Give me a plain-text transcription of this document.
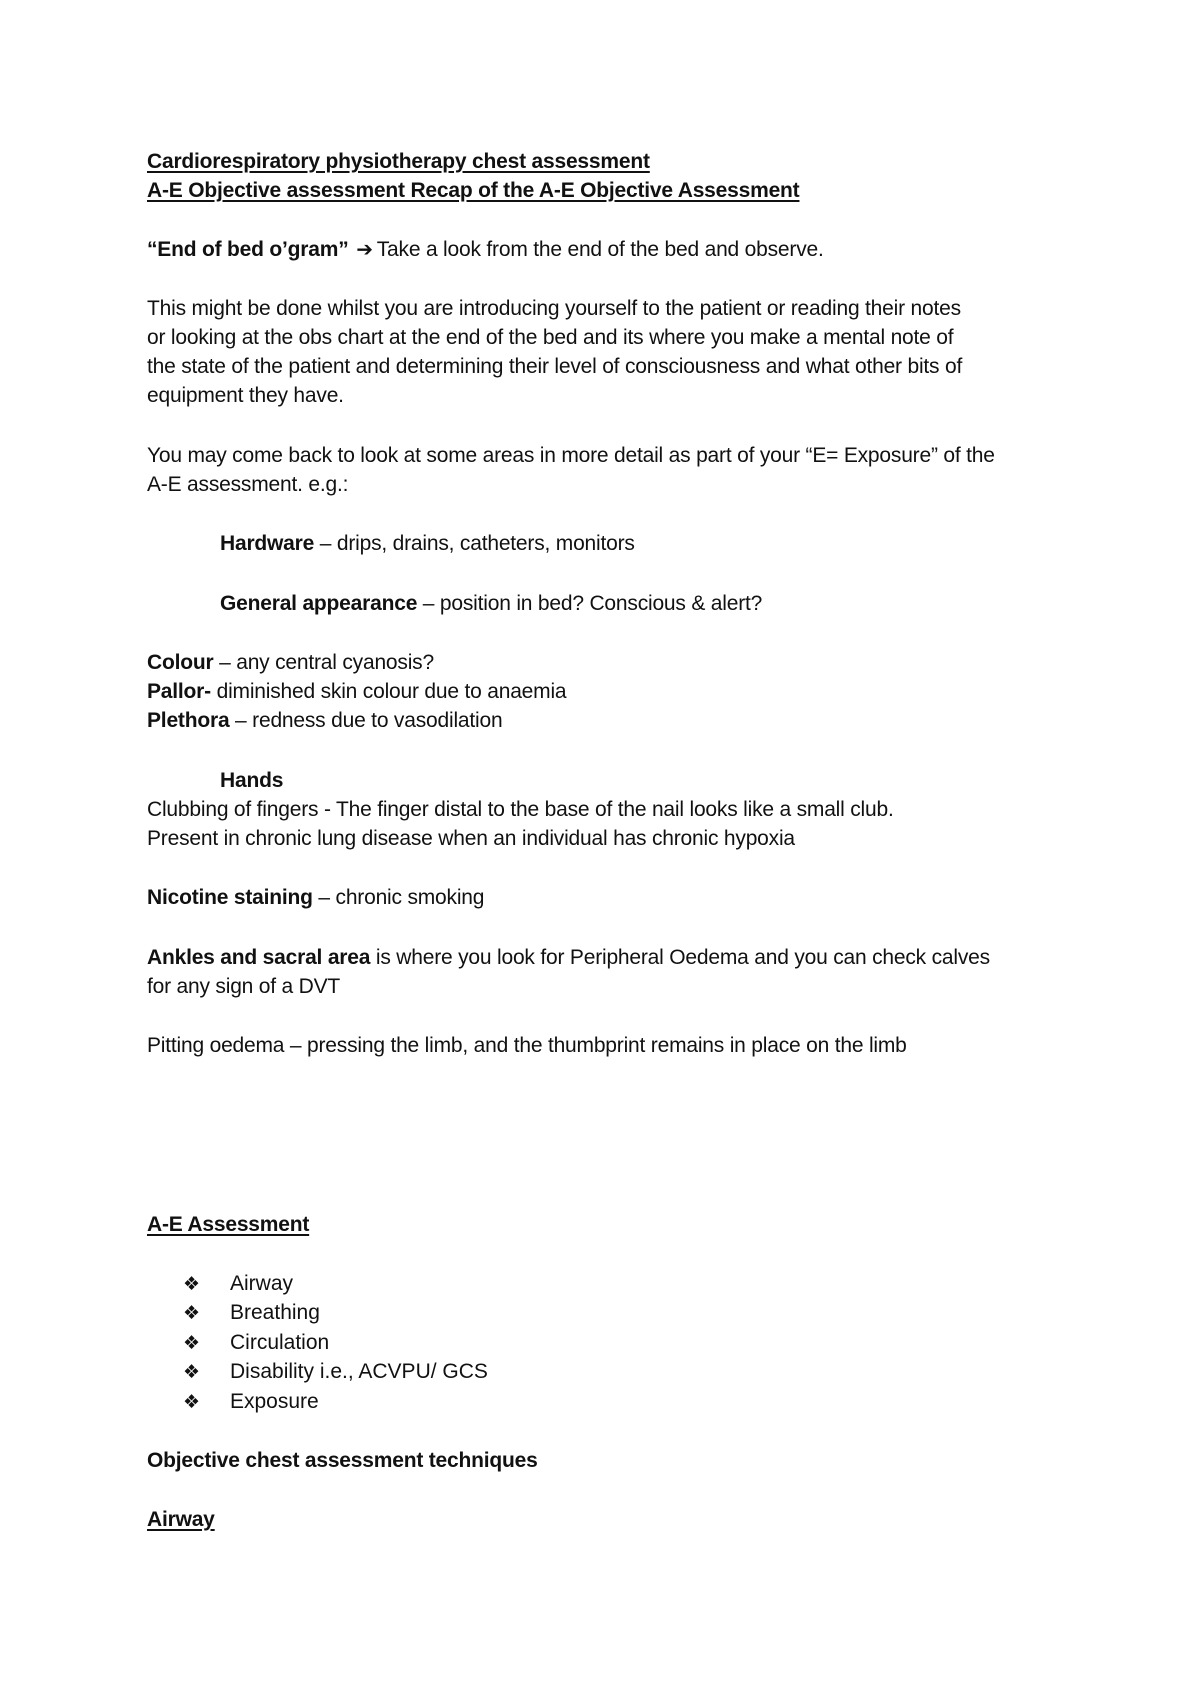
Cardiorespiratory physiotherapy chest assessment
A-E Objective assessment Recap of the A-E Objective Assessment
“End of bed o’gram” ➔ Take a look from the end of the bed and observe.
This might be done whilst you are introducing yourself to the patient or reading their notes
or looking at the obs chart at the end of the bed and its where you make a mental note of
the state of the patient and determining their level of consciousness and what other bits of
equipment they have.
You may come back to look at some areas in more detail as part of your “E= Exposure” of the
A-E assessment. e.g.:
Hardware – drips, drains, catheters, monitors
General appearance – position in bed? Conscious & alert?
Colour – any central cyanosis?
Pallor- diminished skin colour due to anaemia
Plethora – redness due to vasodilation
Hands
Clubbing of fingers - The finger distal to the base of the nail looks like a small club.
Present in chronic lung disease when an individual has chronic hypoxia
Nicotine staining – chronic smoking
Ankles and sacral area is where you look for Peripheral Oedema and you can check calves
for any sign of a DVT
Pitting oedema – pressing the limb, and the thumbprint remains in place on the limb
A-E Assessment
❖ Airway
❖ Breathing
❖ Circulation
❖ Disability i.e., ACVPU/ GCS
❖ Exposure
Objective chest assessment techniques
Airway
